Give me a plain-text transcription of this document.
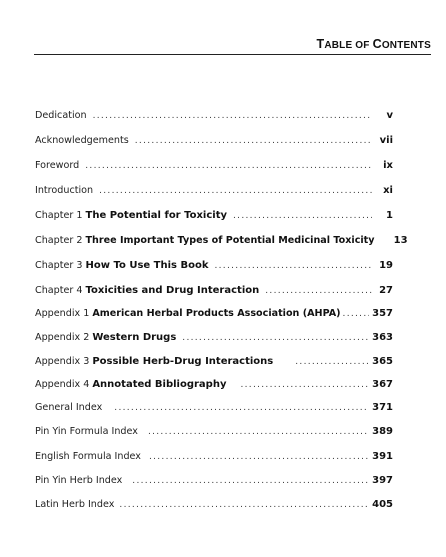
TABLE OF CONTENTS
Dedication .....	v
Acknowledgements .....	vii
Foreword .....	ix
Introduction .....	xi
Chapter 1 The Potential for Toxicity .....	1
Chapter 2 Three Important Types of Potential Medicinal Toxicity	13
Chapter 3 How To Use This Book .....	19
Chapter 4 Toxicities and Drug Interaction .....	27
Appendix 1 American Herbal Products Association (AHPA) .....	357
Appendix 2 Western Drugs .....	363
Appendix 3 Possible Herb-Drug Interactions .....	365
Appendix 4 Annotated Bibliography .....	367
General Index .....	371
Pin Yin Formula Index .....	389
English Formula Index .....	391
Pin Yin Herb Index .....	397
Latin Herb Index .....	405
